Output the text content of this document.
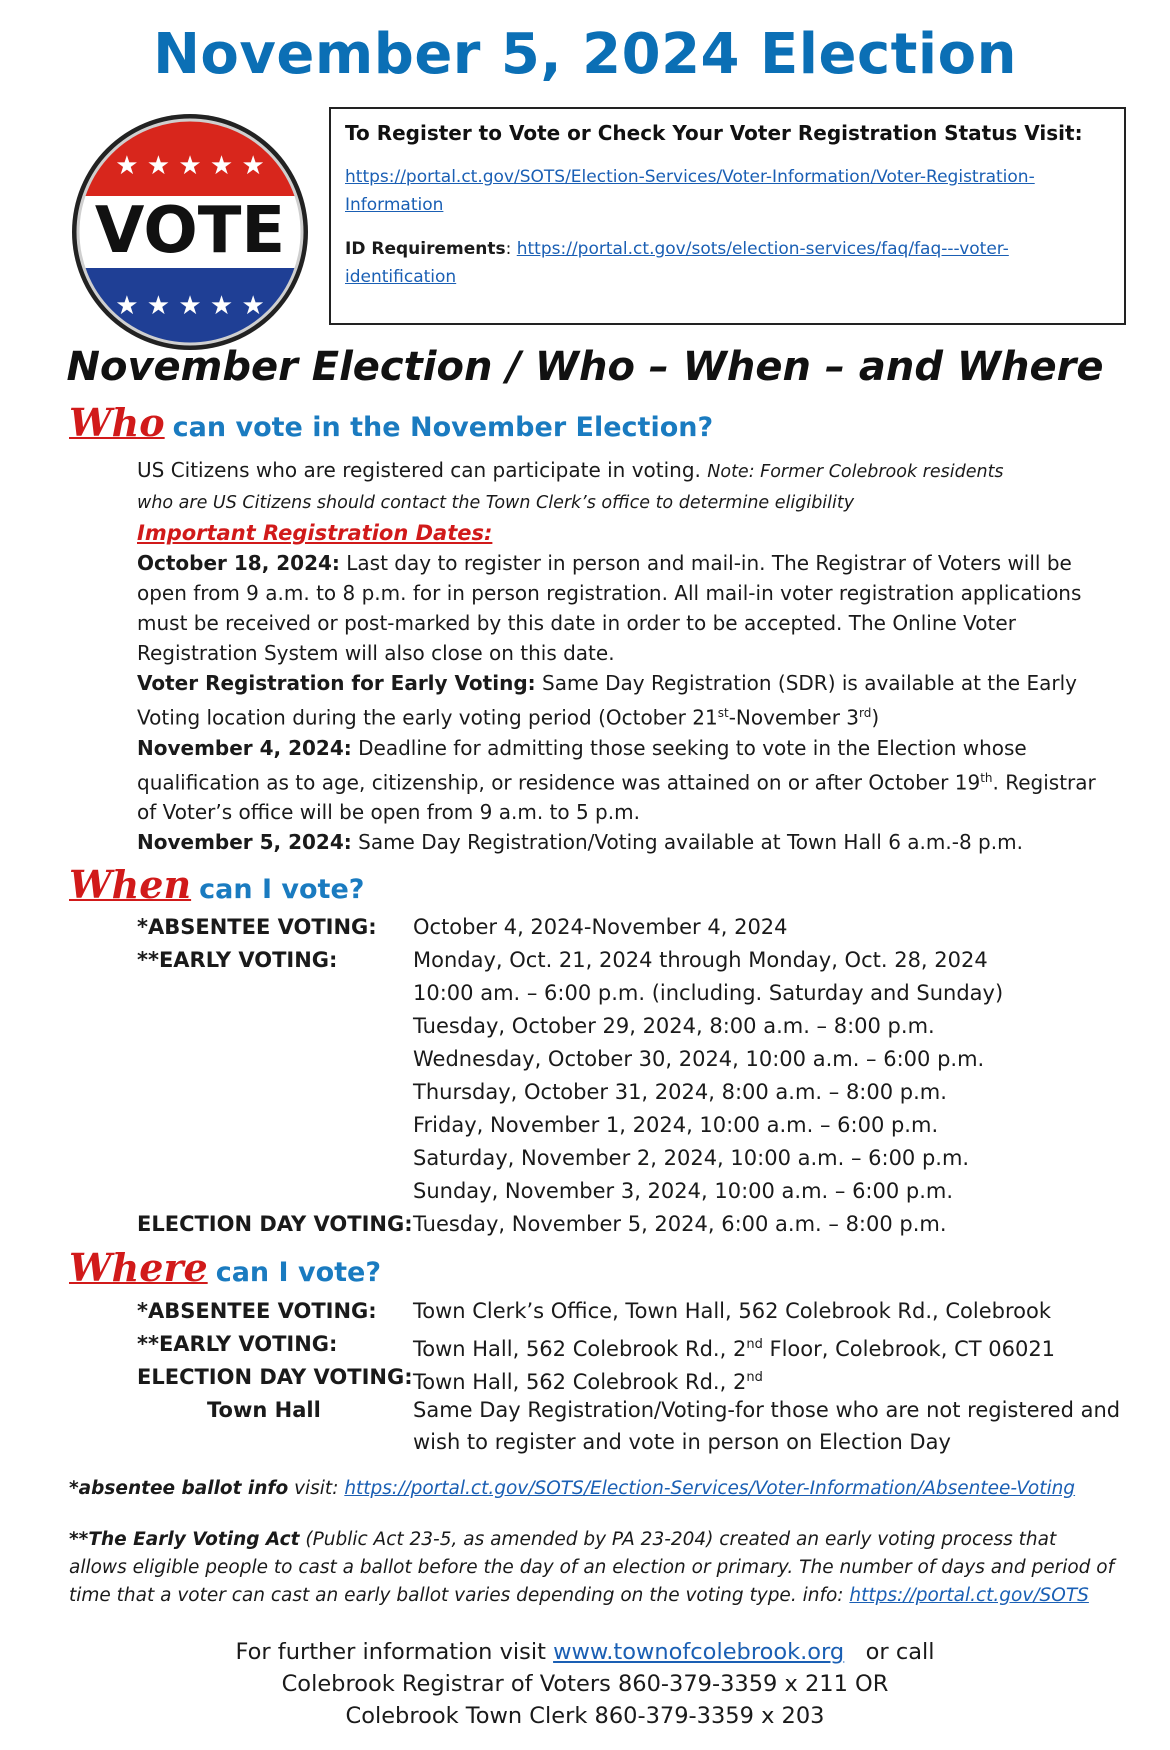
November 5, 2024 Election
★ ★ ★ ★ ★
VOTE
★ ★ ★ ★ ★
To Register to Vote or Check Your Voter Registration Status Visit:
https://portal.ct.gov/SOTS/Election-Services/Voter-Information/Voter-Registration-
Information
ID Requirements: https://portal.ct.gov/sots/election-services/faq/faq---voter-
identification
November Election / Who – When – and Where
Who can vote in the November Election?
US Citizens who are registered can participate in voting. Note: Former Colebrook residents
who are US Citizens should contact the Town Clerk’s office to determine eligibility
Important Registration Dates:
October 18, 2024: Last day to register in person and mail-in. The Registrar of Voters will be open from 9 a.m. to 8 p.m. for in person registration. All mail-in voter registration applications must be received or post-marked by this date in order to be accepted. The Online Voter Registration System will also close on this date.
Voter Registration for Early Voting: Same Day Registration (SDR) is available at the Early Voting location during the early voting period (October 21st-November 3rd)
November 4, 2024: Deadline for admitting those seeking to vote in the Election whose qualification as to age, citizenship, or residence was attained on or after October 19th. Registrar of Voter’s office will be open from 9 a.m. to 5 p.m.
November 5, 2024: Same Day Registration/Voting available at Town Hall 6 a.m.-8 p.m.
When can I vote?
*ABSENTEE VOTING:	October 4, 2024-November 4, 2024
**EARLY VOTING:	Monday, Oct. 21, 2024 through Monday, Oct. 28, 2024
10:00 am. – 6:00 p.m. (including. Saturday and Sunday)
Tuesday, October 29, 2024, 8:00 a.m. – 8:00 p.m.
Wednesday, October 30, 2024, 10:00 a.m. – 6:00 p.m.
Thursday, October 31, 2024, 8:00 a.m. – 8:00 p.m.
Friday, November 1, 2024, 10:00 a.m. – 6:00 p.m.
Saturday, November 2, 2024, 10:00 a.m. – 6:00 p.m.
Sunday, November 3, 2024, 10:00 a.m. – 6:00 p.m.
ELECTION DAY VOTING: Tuesday, November 5, 2024, 6:00 a.m. – 8:00 p.m.
Where can I vote?
*ABSENTEE VOTING:	Town Clerk’s Office, Town Hall, 562 Colebrook Rd., Colebrook
**EARLY VOTING:	Town Hall, 562 Colebrook Rd., 2nd Floor, Colebrook, CT 06021
ELECTION DAY VOTING: Town Hall, 562 Colebrook Rd., 2nd
Town Hall	Same Day Registration/Voting-for those who are not registered and wish to register and vote in person on Election Day
*absentee ballot info visit: https://portal.ct.gov/SOTS/Election-Services/Voter-Information/Absentee-Voting
**The Early Voting Act (Public Act 23-5, as amended by PA 23-204) created an early voting process that allows eligible people to cast a ballot before the day of an election or primary. The number of days and period of time that a voter can cast an early ballot varies depending on the voting type. info: https://portal.ct.gov/SOTS
For further information visit www.townofcolebrook.org   or call
Colebrook Registrar of Voters 860-379-3359 x 211 OR
Colebrook Town Clerk 860-379-3359 x 203
